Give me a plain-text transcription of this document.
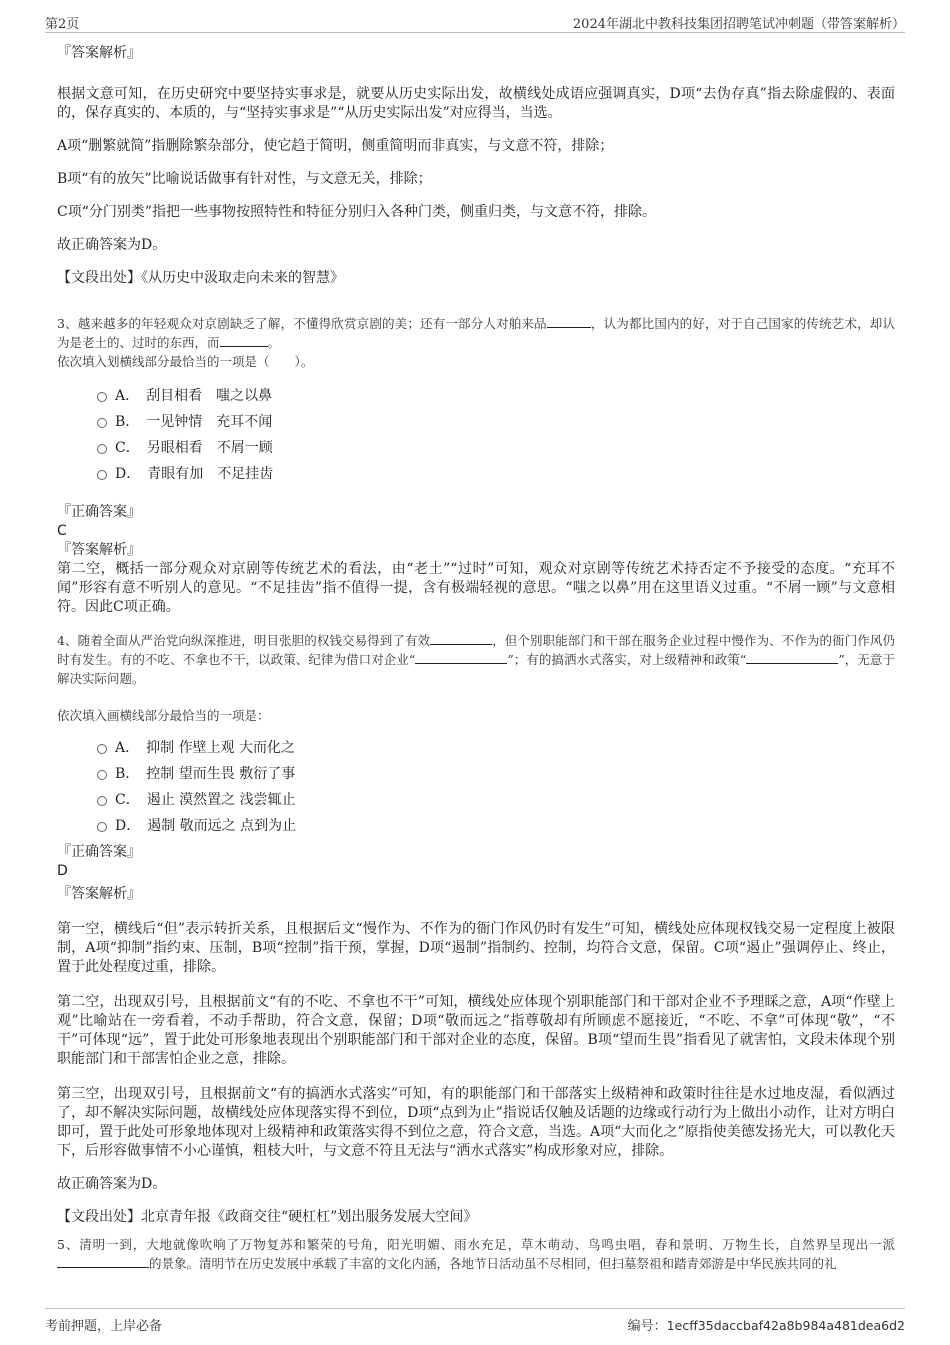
第2页	2024年湖北中教科技集团招聘笔试冲刺题（带答案解析）

『答案解析』

根据文意可知，在历史研究中要坚持实事求是，就要从历史实际出发，故横线处成语应强调真实，D项“去伪存真”指去除虚假的、表面的，保存真实的、本质的，与“坚持实事求是”“从历史实际出发”对应得当，当选。

A项“删繁就简”指删除繁杂部分，使它趋于简明，侧重简明而非真实，与文意不符，排除；

B项“有的放矢”比喻说话做事有针对性，与文意无关，排除；

C项“分门别类”指把一些事物按照特性和特征分别归入各种门类，侧重归类，与文意不符，排除。

故正确答案为D。

【文段出处】《从历史中汲取走向未来的智慧》

3、越来越多的年轻观众对京剧缺乏了解，不懂得欣赏京剧的美；还有一部分人对舶来品	，认为都比国内的好，对于自己国家的传统艺术，却认为是老土的、过时的东西，而	。

依次填入划横线部分最恰当的一项是（　　）。

A．　 刮目相看　嗤之以鼻
B．　 一见钟情　充耳不闻
C．　 另眼相看　不屑一顾
D．　 青眼有加　不足挂齿

『正确答案』

C

『答案解析』

第二空，概括一部分观众对京剧等传统艺术的看法，由“老土”“过时”可知，观众对京剧等传统艺术持否定不予接受的态度。“充耳不闻”形容有意不听别人的意见。“不足挂齿”指不值得一提，含有极端轻视的意思。“嗤之以鼻”用在这里语义过重。“不屑一顾”与文意相符。因此C项正确。

4、随着全面从严治党向纵深推进，明目张胆的权钱交易得到了有效	，但个别职能部门和干部在服务企业过程中慢作为、不作为的衙门作风仍时有发生。有的不吃、不拿也不干，以政策、纪律为借口对企业“	”；有的搞洒水式落实，对上级精神和政策“	”，无意于解决实际问题。

依次填入画横线部分最恰当的一项是：

A．　 抑制 作壁上观 大而化之
B．　 控制 望而生畏 敷衍了事
C．　 遏止 漠然置之 浅尝辄止
D．　 遏制 敬而远之 点到为止

『正确答案』

D

『答案解析』

第一空，横线后“但”表示转折关系，且根据后文“慢作为、不作为的衙门作风仍时有发生”可知，横线处应体现权钱交易一定程度上被限制，A项“抑制”指约束、压制，B项“控制”指干预，掌握，D项“遏制”指制约、控制，均符合文意，保留。C项“遏止”强调停止、终止，置于此处程度过重，排除。

第二空，出现双引号，且根据前文“有的不吃、不拿也不干”可知，横线处应体现个别职能部门和干部对企业不予理睬之意，A项“作壁上观”比喻站在一旁看着，不动手帮助，符合文意，保留；D项“敬而远之”指尊敬却有所顾虑不愿接近，“不吃、不拿”可体现“敬”，“不干”可体现“远”，置于此处可形象地表现出个别职能部门和干部对企业的态度，保留。B项“望而生畏”指看见了就害怕，文段未体现个别职能部门和干部害怕企业之意，排除。

第三空，出现双引号，且根据前文“有的搞洒水式落实”可知，有的职能部门和干部落实上级精神和政策时往往是水过地皮湿，看似洒过了，却不解决实际问题，故横线处应体现落实得不到位，D项“点到为止”指说话仅触及话题的边缘或行动行为上做出小动作，让对方明白即可，置于此处可形象地体现对上级精神和政策落实得不到位之意，符合文意，当选。A项“大而化之”原指使美德发扬光大，可以教化天下，后形容做事情不小心谨慎，粗枝大叶，与文意不符且无法与“洒水式落实”构成形象对应，排除。

故正确答案为D。

【文段出处】北京青年报《政商交往“硬杠杠”划出服务发展大空间》

5、清明一到，大地就像吹响了万物复苏和繁荣的号角，阳光明媚、雨水充足，草木萌动、鸟鸣虫唱，春和景明、万物生长，自然界呈现出一派的景象。清明节在历史发展中承载了丰富的文化内涵，各地节日活动虽不尽相同，但扫墓祭祖和踏青郊游是中华民族共同的礼

考前押题，上岸必备	编号：1ecff35daccbaf42a8b984a481dea6d2
